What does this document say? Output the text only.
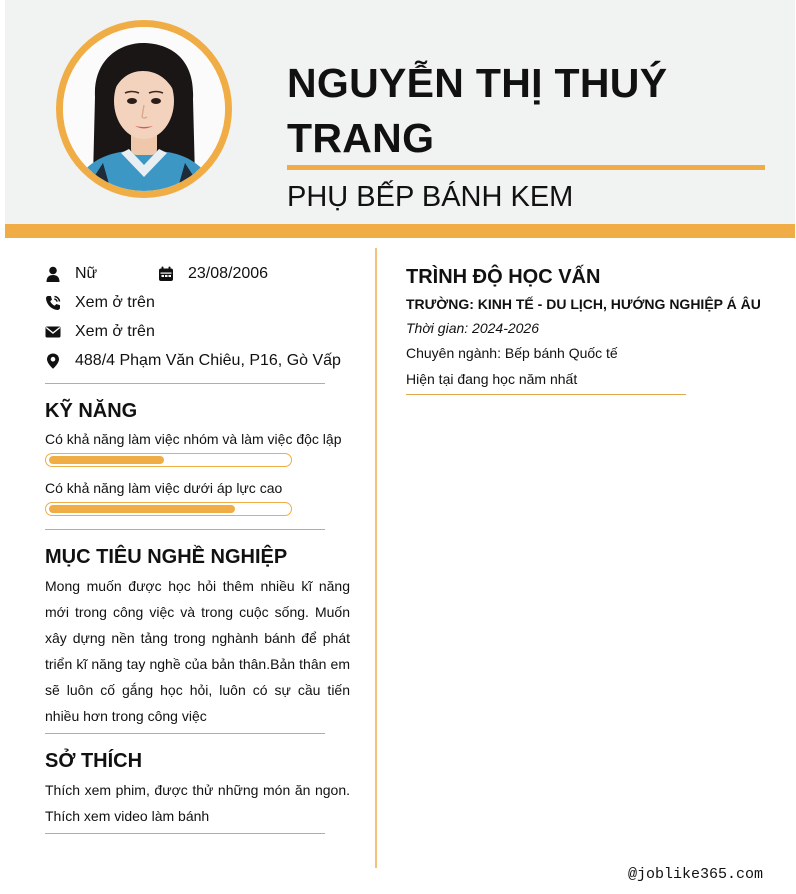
NGUYỄN THỊ THUÝ TRANG
PHỤ BẾP BÁNH KEM
Nữ	23/08/2006
Xem ở trên
Xem ở trên
488/4 Phạm Văn Chiêu, P16, Gò Vấp
KỸ NĂNG
Có khả năng làm việc nhóm và làm việc độc lập
Có khả năng làm việc dưới áp lực cao
MỤC TIÊU NGHỀ NGHIỆP
Mong muốn được học hỏi thêm nhiều kĩ năng mới trong công việc và trong cuộc sống. Muốn xây dựng nền tảng trong nghành bánh để phát triển kĩ năng tay nghề của bản thân.Bản thân em sẽ luôn cố gắng học hỏi, luôn có sự cầu tiến nhiều hơn trong công việc
SỞ THÍCH
Thích xem phim, được thử những món ăn ngon. Thích xem video làm bánh
TRÌNH ĐỘ HỌC VẤN
TRƯỜNG: KINH TẾ - DU LỊCH, HƯỚNG NGHIỆP Á ÂU
Thời gian: 2024-2026
Chuyên ngành: Bếp bánh Quốc tế
Hiện tại đang học năm nhất
@joblike365.com
